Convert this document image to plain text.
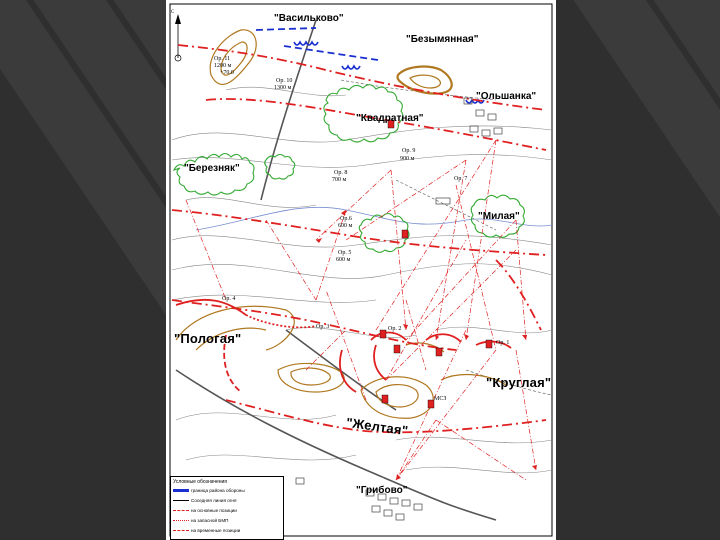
"Васильково"
"Безымянная"
"Ольшанка"
"Квадратная"
"Березняк"
"Милая"
"Пологая"
"Круглая"
"Желтая"
"Грибово"
С
Ор. 11
1200 м
+70.0
Ор. 10
1300 м
Ор. 9
900 м
Ор. 8
700 м	Ор. 7
Ор.6
600 м
Ор. 5
600 м
Ор. 4
Ор. 3	Ор. 2
Ор. 1
МСЗ
Условные обозначения
граница района обороны
Соседняя линия огня
на основные позиции
на запасной БМП
на временные позиции
